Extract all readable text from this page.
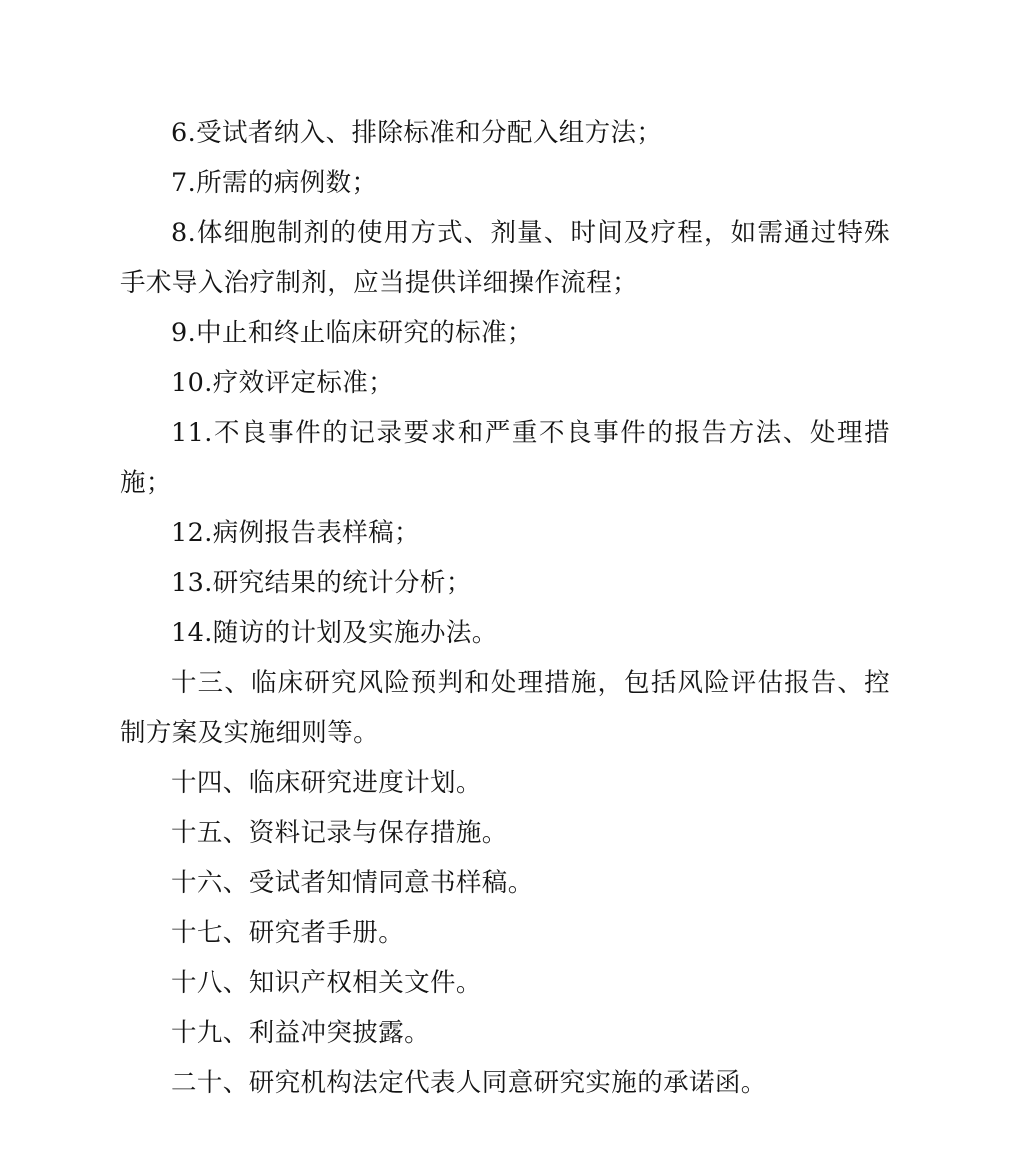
6.受试者纳入、排除标准和分配入组方法；

7.所需的病例数；

8.体细胞制剂的使用方式、剂量、时间及疗程，如需通过特殊手术导入治疗制剂，应当提供详细操作流程；

9.中止和终止临床研究的标准；

10.疗效评定标准；

11.不良事件的记录要求和严重不良事件的报告方法、处理措施；

12.病例报告表样稿；

13.研究结果的统计分析；

14.随访的计划及实施办法。

十三、临床研究风险预判和处理措施，包括风险评估报告、控制方案及实施细则等。

十四、临床研究进度计划。

十五、资料记录与保存措施。

十六、受试者知情同意书样稿。

十七、研究者手册。

十八、知识产权相关文件。

十九、利益冲突披露。

二十、研究机构法定代表人同意研究实施的承诺函。
